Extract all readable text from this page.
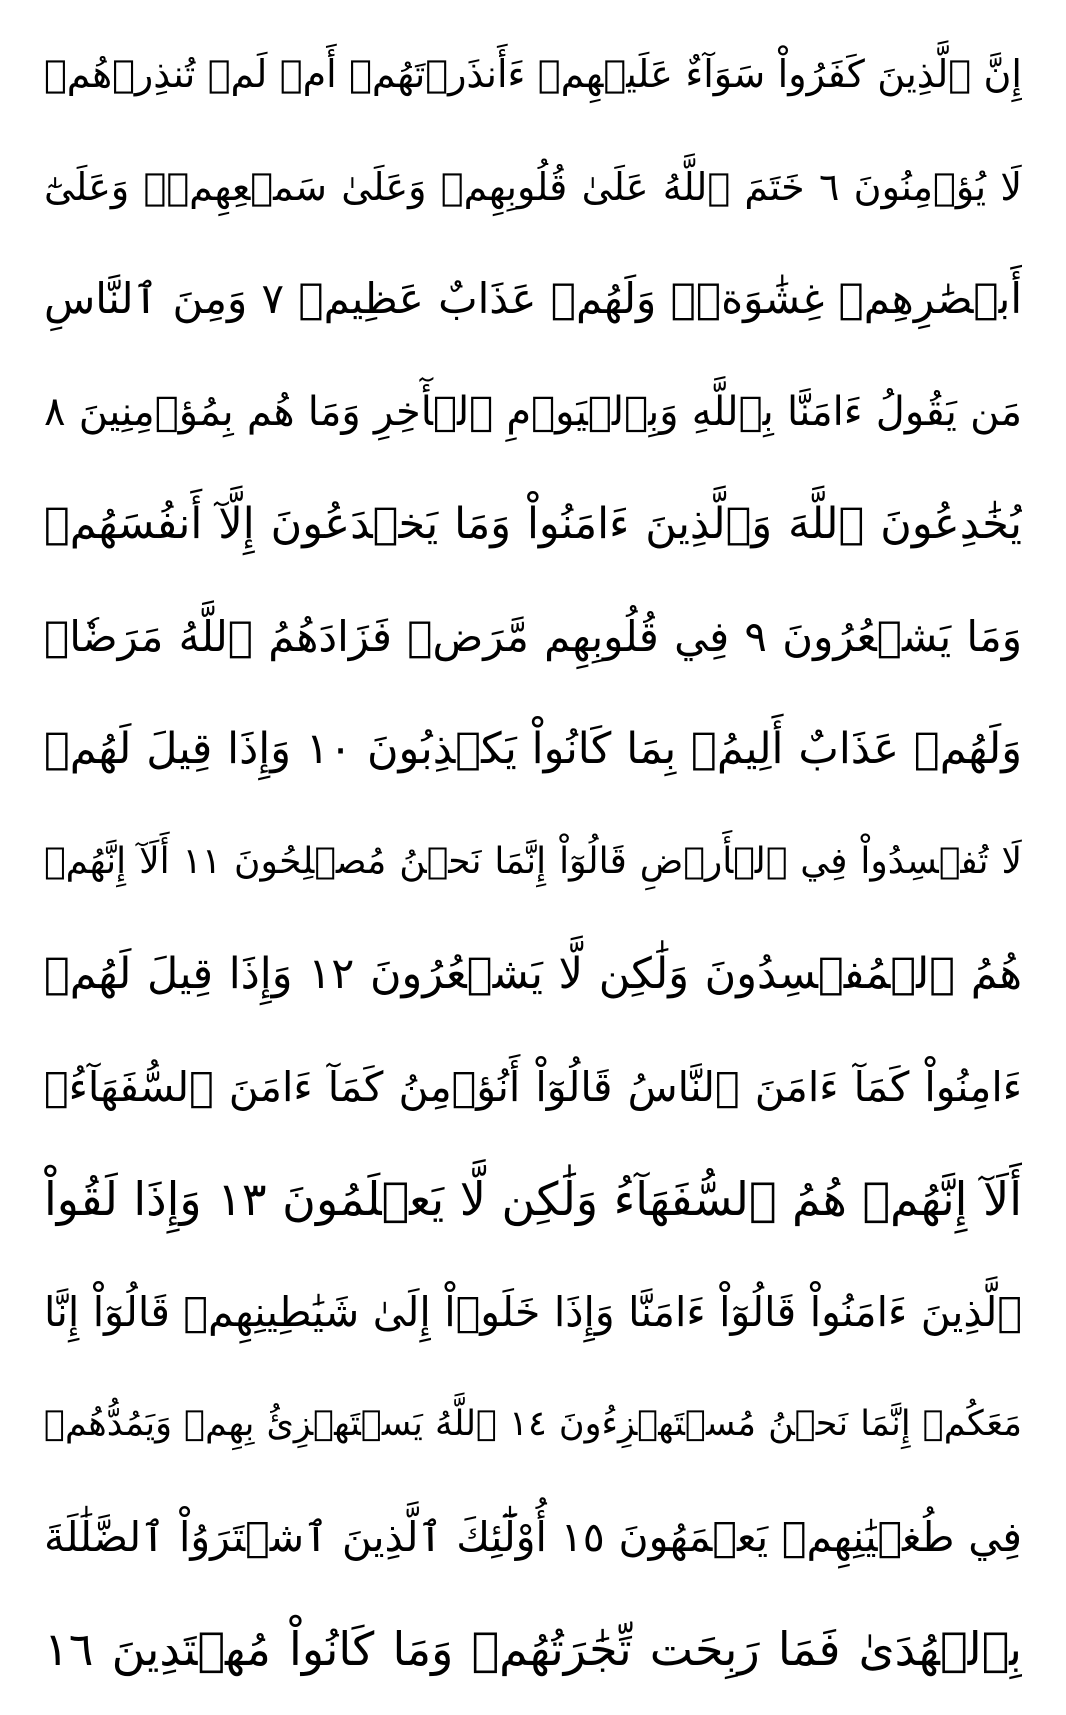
إِنَّ ٱلَّذِينَ كَفَرُواْ سَوَآءٌ عَلَيۡهِمۡ ءَأَنذَرۡتَهُمۡ أَمۡ لَمۡ تُنذِرۡهُمۡ
لَا يُؤۡمِنُونَ ٦ خَتَمَ ٱللَّهُ عَلَىٰ قُلُوبِهِمۡ وَعَلَىٰ سَمۡعِهِمۡۖ وَعَلَىٰٓ
أَبۡصَٰرِهِمۡ غِشَٰوَةٞۖ وَلَهُمۡ عَذَابٌ عَظِيمٞ ٧ وَمِنَ ٱلنَّاسِ
مَن يَقُولُ ءَامَنَّا بِٱللَّهِ وَبِٱلۡيَوۡمِ ٱلۡأٓخِرِ وَمَا هُم بِمُؤۡمِنِينَ ٨
يُخَٰدِعُونَ ٱللَّهَ وَٱلَّذِينَ ءَامَنُواْ وَمَا يَخۡدَعُونَ إِلَّآ أَنفُسَهُمۡ
وَمَا يَشۡعُرُونَ ٩ فِي قُلُوبِهِم مَّرَضٞ فَزَادَهُمُ ٱللَّهُ مَرَضٗاۖ
وَلَهُمۡ عَذَابٌ أَلِيمُۢ بِمَا كَانُواْ يَكۡذِبُونَ ١٠ وَإِذَا قِيلَ لَهُمۡ
لَا تُفۡسِدُواْ فِي ٱلۡأَرۡضِ قَالُوٓاْ إِنَّمَا نَحۡنُ مُصۡلِحُونَ ١١ أَلَآ إِنَّهُمۡ
هُمُ ٱلۡمُفۡسِدُونَ وَلَٰكِن لَّا يَشۡعُرُونَ ١٢ وَإِذَا قِيلَ لَهُمۡ
ءَامِنُواْ كَمَآ ءَامَنَ ٱلنَّاسُ قَالُوٓاْ أَنُؤۡمِنُ كَمَآ ءَامَنَ ٱلسُّفَهَآءُۗ
أَلَآ إِنَّهُمۡ هُمُ ٱلسُّفَهَآءُ وَلَٰكِن لَّا يَعۡلَمُونَ ١٣ وَإِذَا لَقُواْ
ٱلَّذِينَ ءَامَنُواْ قَالُوٓاْ ءَامَنَّا وَإِذَا خَلَوۡاْ إِلَىٰ شَيَٰطِينِهِمۡ قَالُوٓاْ إِنَّا
مَعَكُمۡ إِنَّمَا نَحۡنُ مُسۡتَهۡزِءُونَ ١٤ ٱللَّهُ يَسۡتَهۡزِئُ بِهِمۡ وَيَمُدُّهُمۡ
فِي طُغۡيَٰنِهِمۡ يَعۡمَهُونَ ١٥ أُوْلَٰٓئِكَ ٱلَّذِينَ ٱشۡتَرَوُاْ ٱلضَّلَٰلَةَ
بِٱلۡهُدَىٰ فَمَا رَبِحَت تِّجَٰرَتُهُمۡ وَمَا كَانُواْ مُهۡتَدِينَ ١٦
